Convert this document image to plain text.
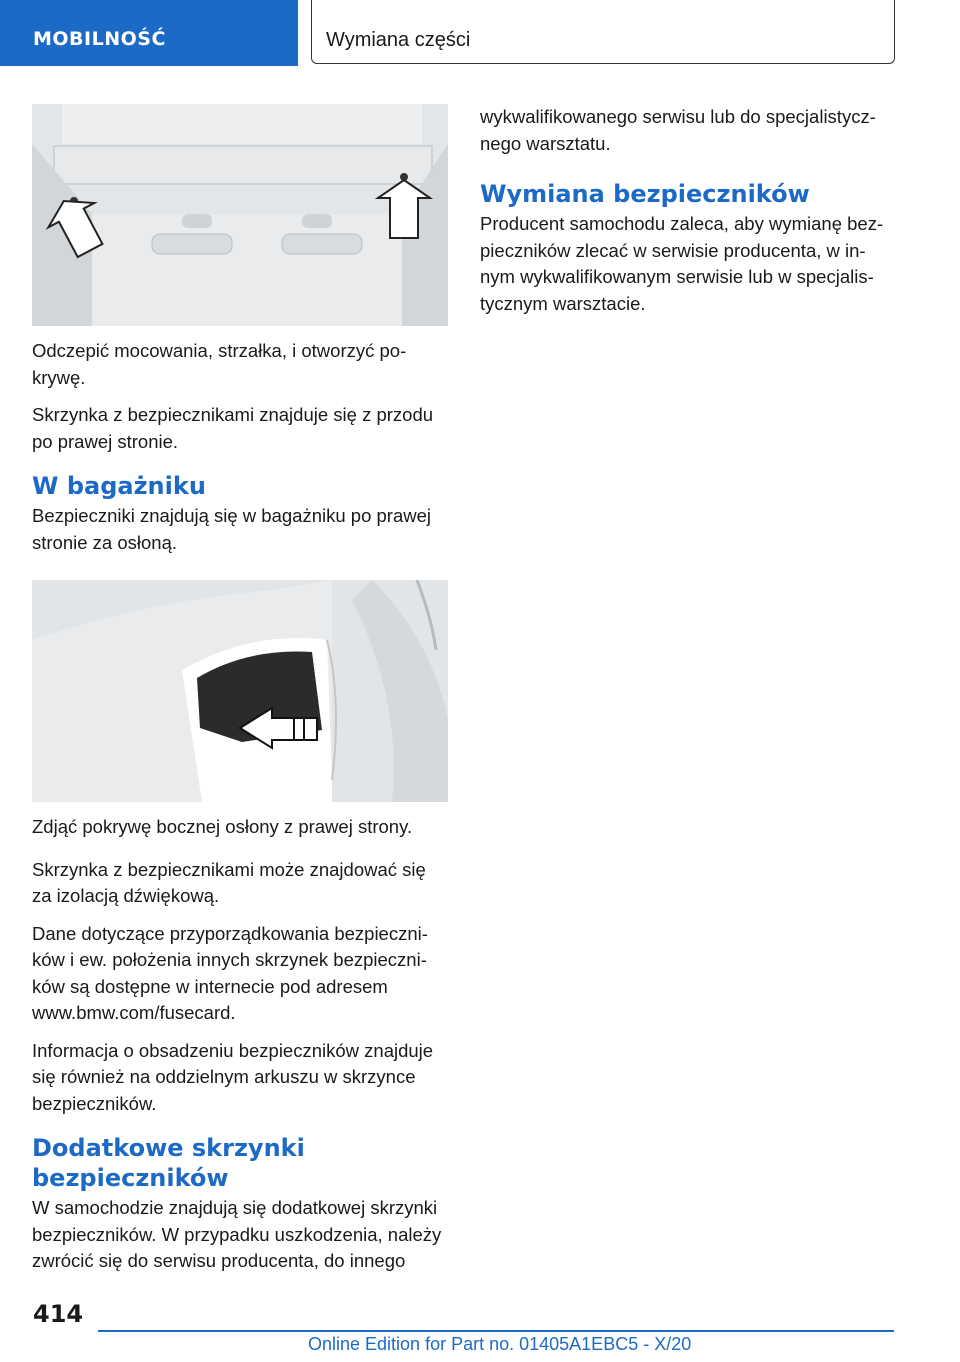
MOBILNOŚĆ	Wymiana części

Odczepić mocowania, strzałka, i otworzyć po-krywę.

Skrzynka z bezpiecznikami znajduje się z przodu po prawej stronie.

W bagażniku

Bezpieczniki znajdują się w bagażniku po prawej stronie za osłoną.

Zdjąć pokrywę bocznej osłony z prawej strony.

Skrzynka z bezpiecznikami może znajdować się za izolacją dźwiękową.

Dane dotyczące przyporządkowania bezpieczni-ków i ew. położenia innych skrzynek bezpieczni-ków są dostępne w internecie pod adresem www.bmw.com/fusecard.

Informacja o obsadzeniu bezpieczników znajduje się również na oddzielnym arkuszu w skrzynce bezpieczników.

Dodatkowe skrzynki bezpieczników

W samochodzie znajdują się dodatkowej skrzynki bezpieczników. W przypadku uszkodzenia, należy zwrócić się do serwisu producenta, do innego

wykwalifikowanego serwisu lub do specjalistycz-nego warsztatu.

Wymiana bezpieczników

Producent samochodu zaleca, aby wymianę bez-pieczników zlecać w serwisie producenta, w in-nym wykwalifikowanym serwisie lub w specjalis-tycznym warsztacie.

414
Online Edition for Part no. 01405A1EBC5 - X/20
